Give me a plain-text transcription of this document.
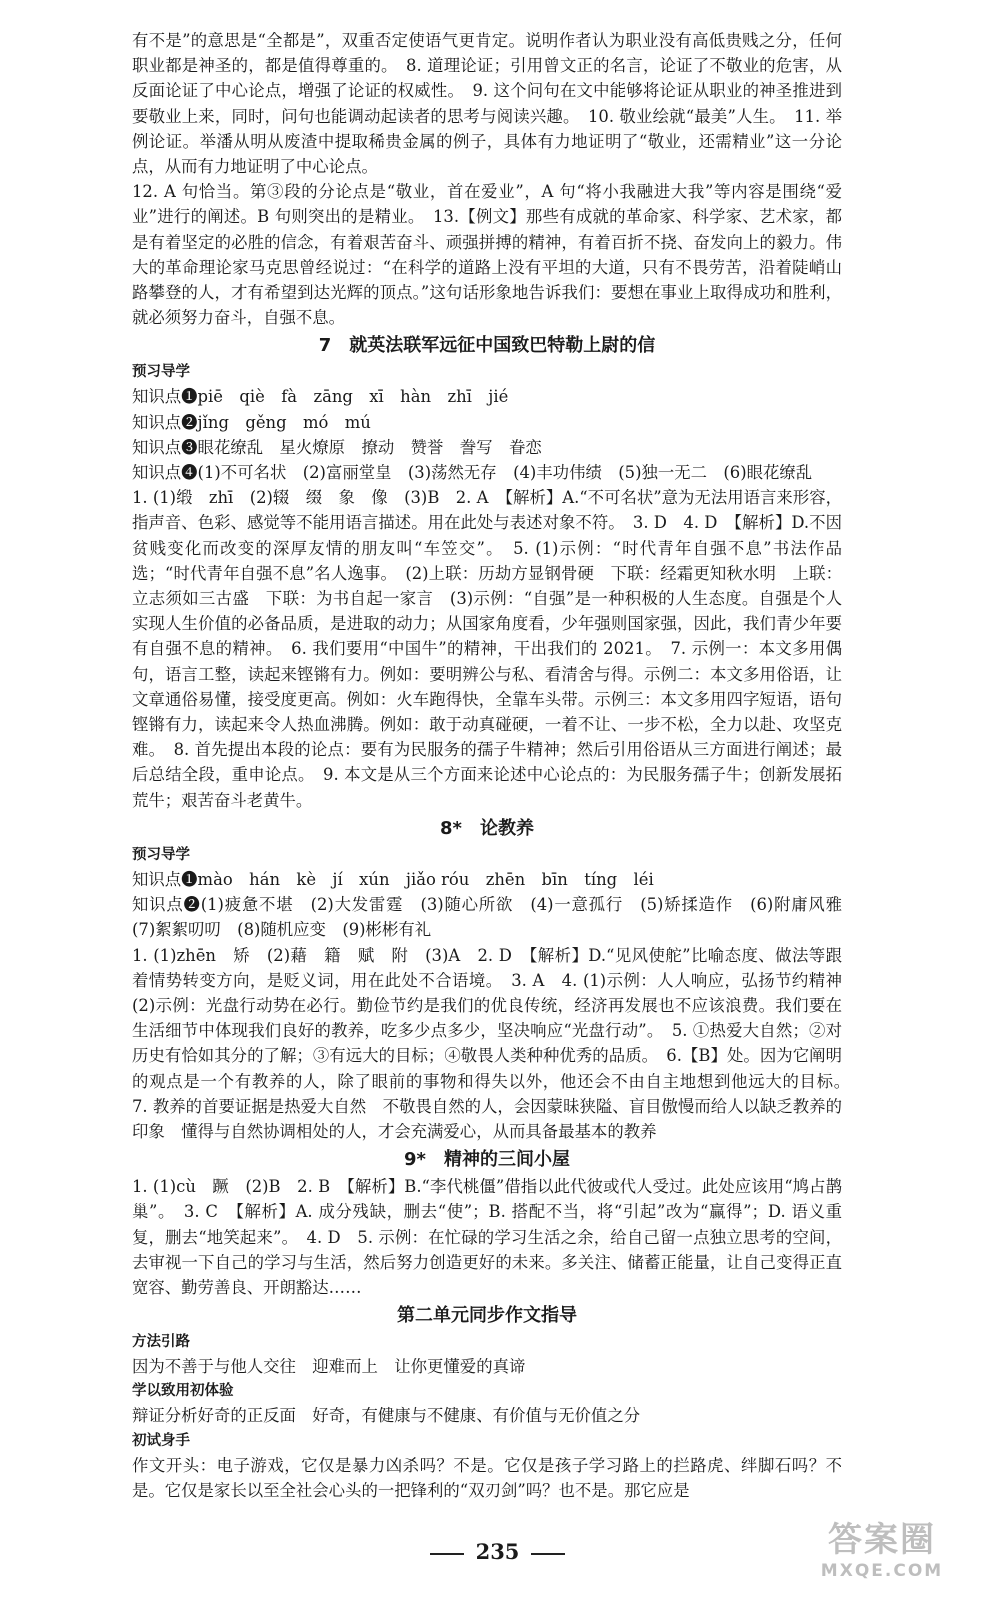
有不是”的意思是“全都是”，双重否定使语气更肯定。说明作者认为职业没有高低贵贱之分，任何职业都是神圣的，都是值得尊重的。　8. 道理论证；引用曾文正的名言，论证了不敬业的危害，从反面论证了中心论点，增强了论证的权威性。　9. 这个问句在文中能够将论证从职业的神圣推进到要敬业上来，同时，问句也能调动起读者的思考与阅读兴趣。　10. 敬业绘就“最美”人生。　11. 举例论证。举潘从明从废渣中提取稀贵金属的例子，具体有力地证明了“敬业，还需精业”这一分论点，从而有力地证明了中心论点。

12. A 句恰当。第③段的分论点是“敬业，首在爱业”，A 句“将小我融进大我”等内容是围绕“爱业”进行的阐述。B 句则突出的是精业。　13.【例文】那些有成就的革命家、科学家、艺术家，都是有着坚定的必胜的信念，有着艰苦奋斗、顽强拼搏的精神，有着百折不挠、奋发向上的毅力。伟大的革命理论家马克思曾经说过：“在科学的道路上没有平坦的大道，只有不畏劳苦，沿着陡峭山路攀登的人，才有希望到达光辉的顶点。”这句话形象地告诉我们：要想在事业上取得成功和胜利，就必须努力奋斗，自强不息。

7　就英法联军远征中国致巴特勒上尉的信
预习导学

知识点❶piē　qiè　fà　zāng　xī　hàn　zhī　jié

知识点❷jǐng　gěng　mó　mú

知识点❸眼花缭乱　星火燎原　撩动　赞誉　誊写　眷恋

知识点❹(1)不可名状　(2)富丽堂皇　(3)荡然无存　(4)丰功伟绩　(5)独一无二　(6)眼花缭乱

1. (1)缎　zhī　(2)辍　缀　象　像　(3)B　2. A　【解析】A.“不可名状”意为无法用语言来形容，指声音、色彩、感觉等不能用语言描述。用在此处与表述对象不符。　3. D　4. D　【解析】D.不因贫贱变化而改变的深厚友情的朋友叫“车笠交”。　5. (1)示例：“时代青年自强不息”书法作品选；“时代青年自强不息”名人逸事。　(2)上联：历劫方显钢骨硬　下联：经霜更知秋水明　上联：立志须如三古盛　下联：为书自起一家言　(3)示例：“自强”是一种积极的人生态度。自强是个人实现人生价值的必备品质，是进取的动力；从国家角度看，少年强则国家强，因此，我们青少年要有自强不息的精神。　6. 我们要用“中国牛”的精神，干出我们的 2021。　7. 示例一：本文多用偶句，语言工整，读起来铿锵有力。例如：要明辨公与私、看清舍与得。示例二：本文多用俗语，让文章通俗易懂，接受度更高。例如：火车跑得快，全靠车头带。示例三：本文多用四字短语，语句铿锵有力，读起来令人热血沸腾。例如：敢于动真碰硬，一着不让、一步不松，全力以赴、攻坚克难。　8. 首先提出本段的论点：要有为民服务的孺子牛精神；然后引用俗语从三方面进行阐述；最后总结全段，重申论点。　9. 本文是从三个方面来论述中心论点的：为民服务孺子牛；创新发展拓荒牛；艰苦奋斗老黄牛。

8*　论教养
预习导学

知识点❶mào　hán　kè　jí　xún　jiǎo róu　zhēn　bīn　tíng　léi

知识点❷(1)疲惫不堪　(2)大发雷霆　(3)随心所欲　(4)一意孤行　(5)矫揉造作　(6)附庸风雅　(7)絮絮叨叨　(8)随机应变　(9)彬彬有礼

1. (1)zhēn　矫　(2)藉　籍　赋　附　(3)A　2. D　【解析】D.“见风使舵”比喻态度、做法等跟着情势转变方向，是贬义词，用在此处不合语境。　3. A　4. (1)示例：人人响应，弘扬节约精神　(2)示例：光盘行动势在必行。勤俭节约是我们的优良传统，经济再发展也不应该浪费。我们要在生活细节中体现我们良好的教养，吃多少点多少，坚决响应“光盘行动”。　5. ①热爱大自然；②对历史有恰如其分的了解；③有远大的目标；④敬畏人类种种优秀的品质。　6.【B】处。因为它阐明的观点是一个有教养的人，除了眼前的事物和得失以外，他还会不由自主地想到他远大的目标。　7. 教养的首要证据是热爱大自然　不敬畏自然的人，会因蒙昧狭隘、盲目傲慢而给人以缺乏教养的印象　懂得与自然协调相处的人，才会充满爱心，从而具备最基本的教养

9*　精神的三间小屋

1. (1)cù　蹶　(2)B　2. B　【解析】B.“李代桃僵”借指以此代彼或代人受过。此处应该用“鸠占鹊巢”。　3. C　【解析】A. 成分残缺，删去“使”；B. 搭配不当，将“引起”改为“赢得”；D. 语义重复，删去“地笑起来”。　4. D　5. 示例：在忙碌的学习生活之余，给自己留一点独立思考的空间，去审视一下自己的学习与生活，然后努力创造更好的未来。多关注、储蓄正能量，让自己变得正直宽容、勤劳善良、开朗豁达……

第二单元同步作文指导
方法引路

因为不善于与他人交往　迎难而上　让你更懂爱的真谛

学以致用初体验

辩证分析好奇的正反面　好奇，有健康与不健康、有价值与无价值之分

初试身手

作文开头：电子游戏，它仅是暴力凶杀吗？不是。它仅是孩子学习路上的拦路虎、绊脚石吗？不是。它仅是家长以至全社会心头的一把锋利的“双刃剑”吗？也不是。那它应是

235	答案圈
MXQE.COM
